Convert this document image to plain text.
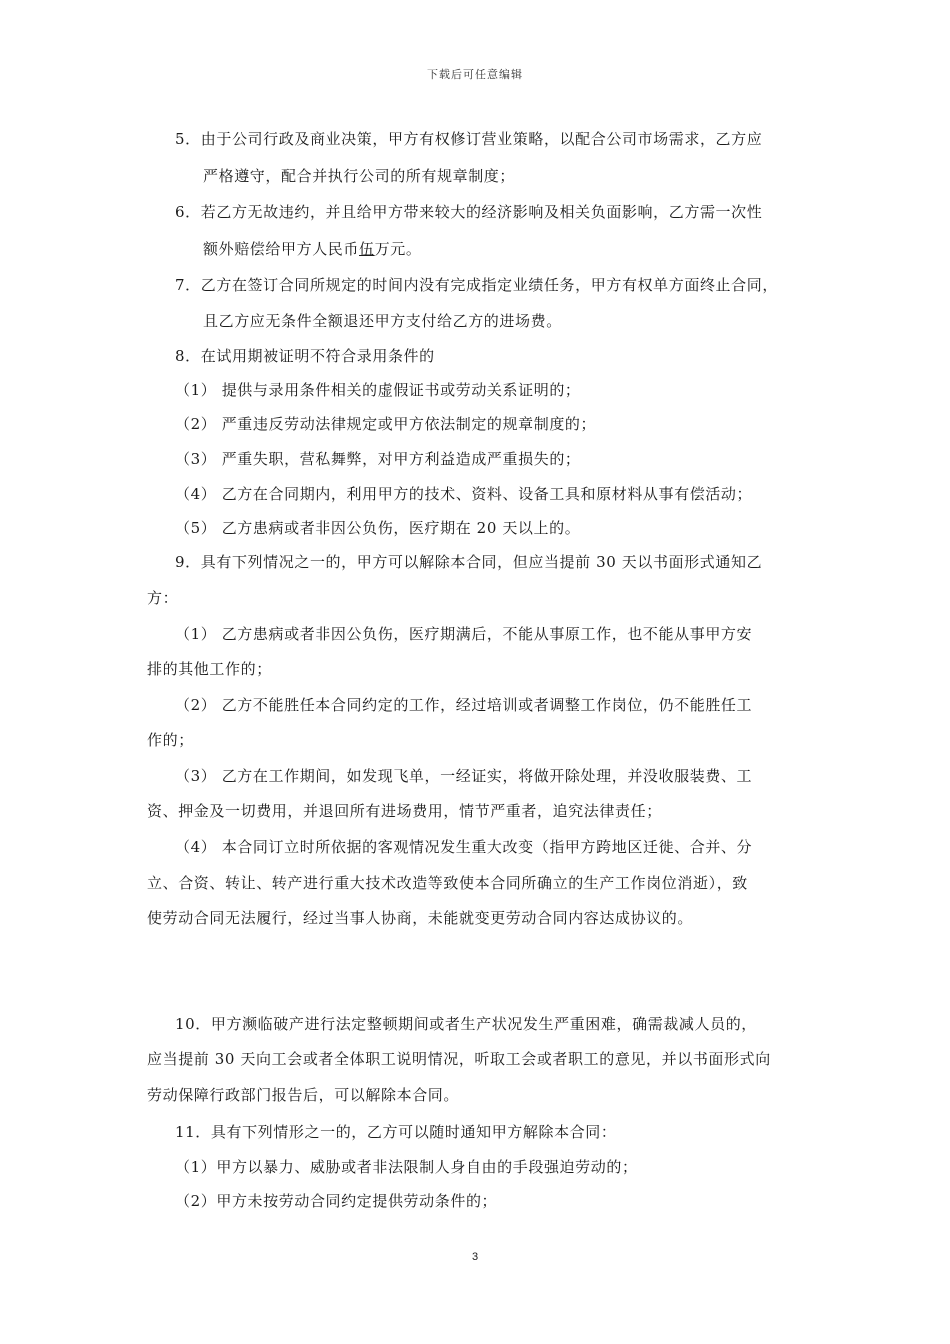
下载后可任意编辑
5．由于公司行政及商业决策，甲方有权修订营业策略，以配合公司市场需求，乙方应
严格遵守，配合并执行公司的所有规章制度；
6．若乙方无故违约，并且给甲方带来较大的经济影响及相关负面影响，乙方需一次性
额外赔偿给甲方人民币伍万元。
7．乙方在签订合同所规定的时间内没有完成指定业绩任务，甲方有权单方面终止合同，
且乙方应无条件全额退还甲方支付给乙方的进场费。
8．在试用期被证明不符合录用条件的
（1） 提供与录用条件相关的虚假证书或劳动关系证明的；
（2） 严重违反劳动法律规定或甲方依法制定的规章制度的；
（3） 严重失职，营私舞弊，对甲方利益造成严重损失的；
（4） 乙方在合同期内，利用甲方的技术、资料、设备工具和原材料从事有偿活动；
（5） 乙方患病或者非因公负伤，医疗期在 20 天以上的。
9．具有下列情况之一的，甲方可以解除本合同，但应当提前 30 天以书面形式通知乙
方：
（1） 乙方患病或者非因公负伤，医疗期满后，不能从事原工作，也不能从事甲方安
排的其他工作的；
（2） 乙方不能胜任本合同约定的工作，经过培训或者调整工作岗位，仍不能胜任工
作的；
（3） 乙方在工作期间，如发现飞单，一经证实，将做开除处理，并没收服装费、工
资、押金及一切费用，并退回所有进场费用，情节严重者，追究法律责任；
（4） 本合同订立时所依据的客观情况发生重大改变（指甲方跨地区迁徙、合并、分
立、合资、转让、转产进行重大技术改造等致使本合同所确立的生产工作岗位消逝），致
使劳动合同无法履行，经过当事人协商，未能就变更劳动合同内容达成协议的。
10．甲方濒临破产进行法定整顿期间或者生产状况发生严重困难，确需裁减人员的，
应当提前 30 天向工会或者全体职工说明情况，听取工会或者职工的意见，并以书面形式向
劳动保障行政部门报告后，可以解除本合同。
11．具有下列情形之一的，乙方可以随时通知甲方解除本合同：
（1）甲方以暴力、威胁或者非法限制人身自由的手段强迫劳动的；
（2）甲方未按劳动合同约定提供劳动条件的；
3
